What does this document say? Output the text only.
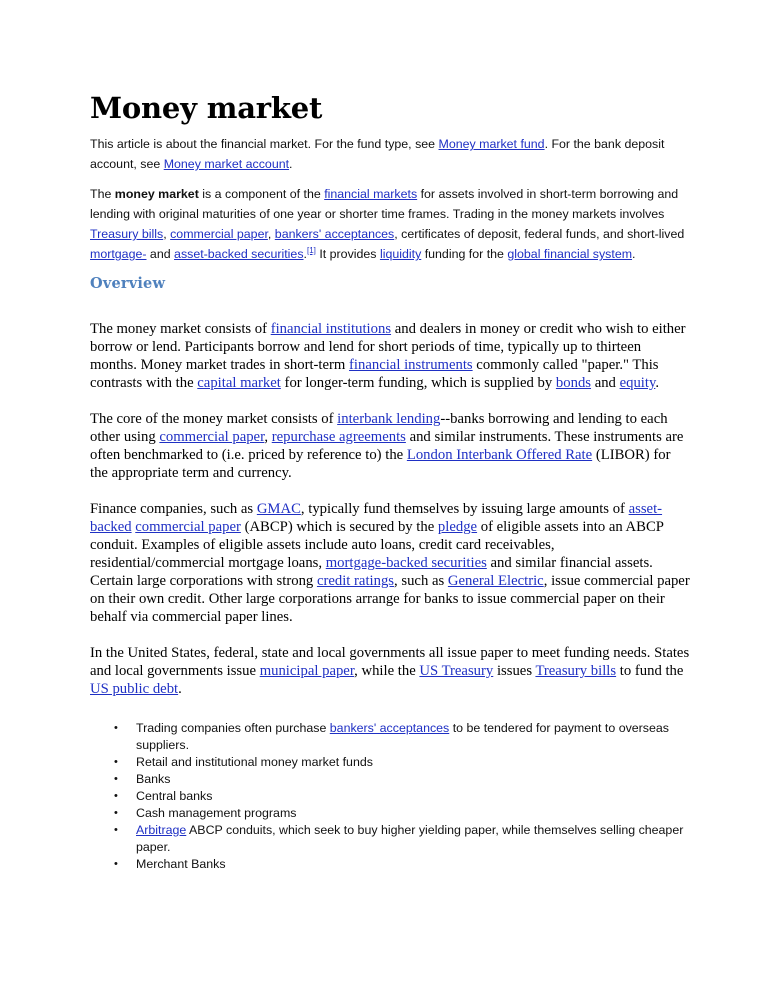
Money market

This article is about the financial market. For the fund type, see Money market fund. For the bank deposit account, see Money market account.

The money market is a component of the financial markets for assets involved in short-term borrowing and lending with original maturities of one year or shorter time frames. Trading in the money markets involves Treasury bills, commercial paper, bankers' acceptances, certificates of deposit, federal funds, and short-lived mortgage- and asset-backed securities.[1] It provides liquidity funding for the global financial system.

Overview

The money market consists of financial institutions and dealers in money or credit who wish to either borrow or lend. Participants borrow and lend for short periods of time, typically up to thirteen months. Money market trades in short-term financial instruments commonly called "paper." This contrasts with the capital market for longer-term funding, which is supplied by bonds and equity.

The core of the money market consists of interbank lending--banks borrowing and lending to each other using commercial paper, repurchase agreements and similar instruments. These instruments are often benchmarked to (i.e. priced by reference to) the London Interbank Offered Rate (LIBOR) for the appropriate term and currency.

Finance companies, such as GMAC, typically fund themselves by issuing large amounts of asset-backed commercial paper (ABCP) which is secured by the pledge of eligible assets into an ABCP conduit. Examples of eligible assets include auto loans, credit card receivables, residential/commercial mortgage loans, mortgage-backed securities and similar financial assets. Certain large corporations with strong credit ratings, such as General Electric, issue commercial paper on their own credit. Other large corporations arrange for banks to issue commercial paper on their behalf via commercial paper lines.

In the United States, federal, state and local governments all issue paper to meet funding needs. States and local governments issue municipal paper, while the US Treasury issues Treasury bills to fund the US public debt.

• Trading companies often purchase bankers' acceptances to be tendered for payment to overseas suppliers.
• Retail and institutional money market funds
• Banks
• Central banks
• Cash management programs
• Arbitrage ABCP conduits, which seek to buy higher yielding paper, while themselves selling cheaper paper.
• Merchant Banks
